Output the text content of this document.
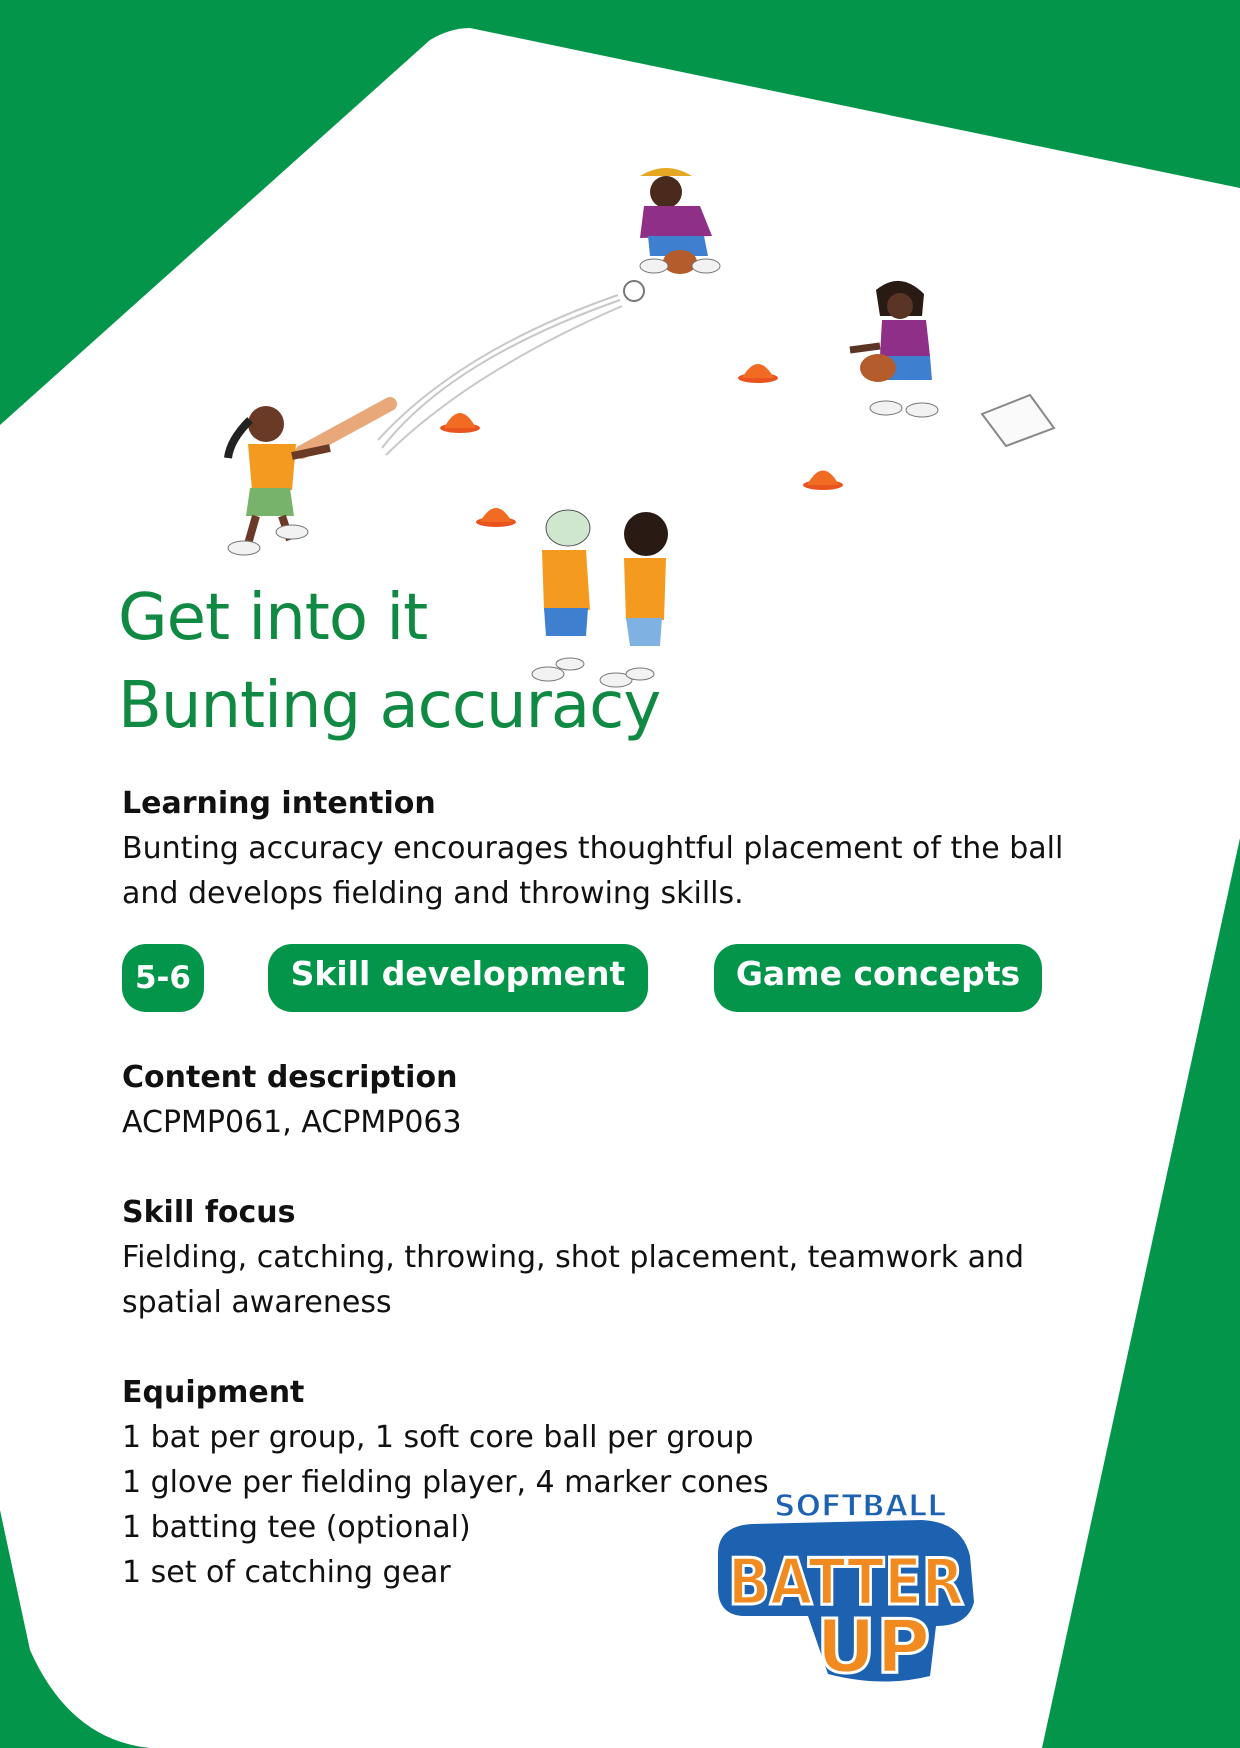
Get into it
Bunting accuracy
Learning intention

Bunting accuracy encourages thoughtful placement of the ball and develops fielding and throwing skills.

5-6	Skill development	Game concepts
Content description

ACPMP061, ACPMP063

Skill focus

Fielding, catching, throwing, shot placement, teamwork and spatial awareness

Equipment
1 bat per group, 1 soft core ball per group
1 glove per fielding player, 4 marker cones
1 batting tee (optional)
1 set of catching gear
SOFTBALL
BATTER
UP
